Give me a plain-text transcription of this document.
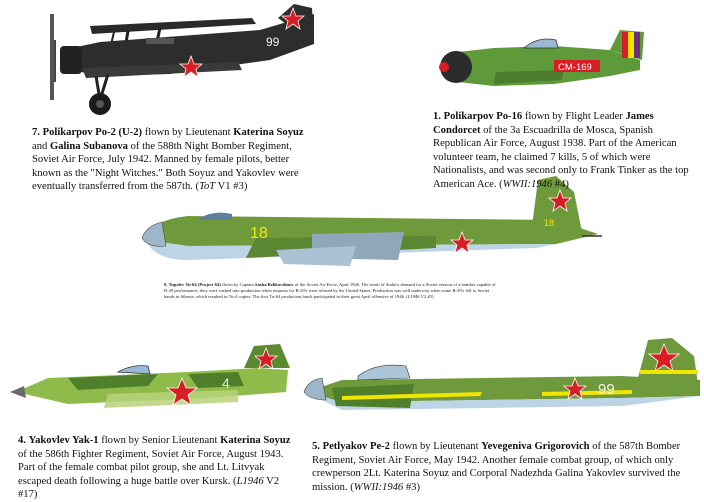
99
CM-169
18
18
4	99
7. Polikarpov Po-2 (U-2) flown by Lieutenant Katerina Soyuz and Galina Subanova of the 588th Night Bomber Regiment, Soviet Air Force, July 1942. Manned by female pilots, better known as the "Night Witches." Both Soyuz and Yakovlev were eventually transferred from the 587th. (ToT V1 #3)
1. Polikarpov Po-16 flown by Flight Leader James Condorcet of the 3a Escuadrilla de Mosca, Spanish Republican Air Force, August 1938. Part of the American volunteer team, he claimed 7 kills, 5 of which were Nationalists, and was second only to Frank Tinker as the top American Ace. (WWII:1946 #4)
9. Tupolev Tu-64 (Project 64) flown by Captain Sasha Belikovitinov of the Soviet Air Force, April 1946. The result of Stalin's demand for a Soviet version of a bomber capable of B-29 performance, they were rushed into production when requests for B-29's were refused by the United States. Production was well underway when some B-29's fell to Soviet hands in Siberia, which resulted in Tu-4 copies. The first Tu-64 production batch participated in their great April offensive of 1946. (L1946 V2 #5)
4. Yakovlev Yak-1 flown by Senior Lieutenant Katerina Soyuz of the 586th Fighter Regiment, Soviet Air Force, August 1943. Part of the female combat pilot group, she and Lt. Litvyak escaped death following a huge battle over Kursk. (L1946 V2 #17)
5. Petlyakov Pe-2 flown by Lieutenant Yevegeniva Grigorovich of the 587th Bomber Regiment, Soviet Air Force, May 1942. Another female combat group, of which only crewperson 2Lt. Katerina Soyuz and Corporal Nadezhda Galina Yakovlev survived the mission. (WWII:1946 #3)
